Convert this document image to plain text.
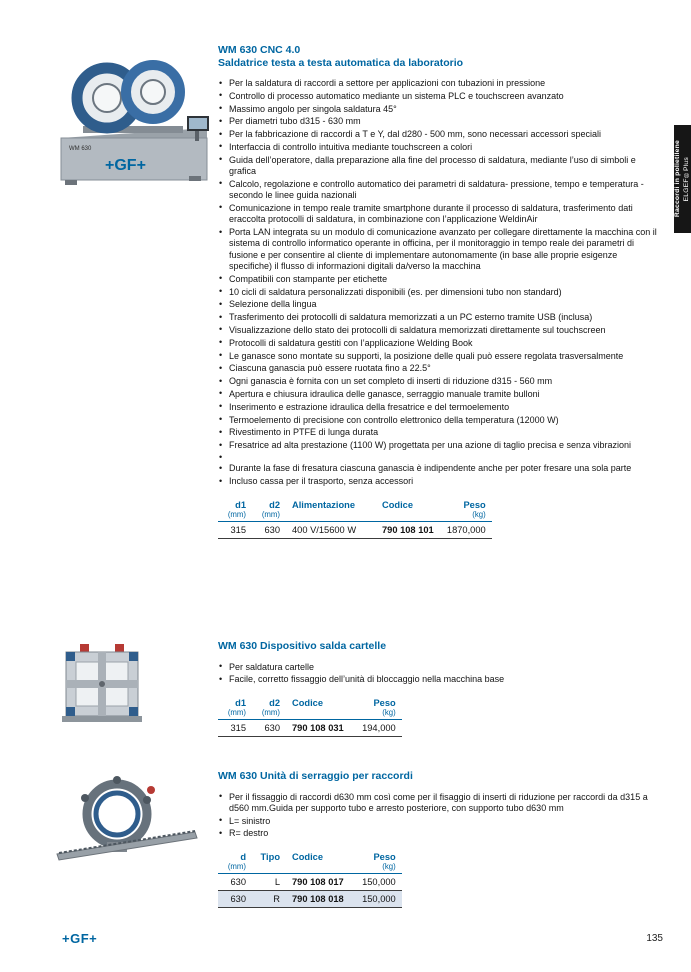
WM 630
+GF+
WM 630 CNC 4.0
Saldatrice testa a testa automatica da laboratorio
• Per la saldatura di raccordi a settore per applicazioni con tubazioni in pressione
• Controllo di processo automatico mediante un sistema PLC e touchscreen avanzato
• Massimo angolo per singola saldatura 45°
• Per diametri tubo d315 - 630 mm
• Per la fabbricazione di raccordi a T e Y, dal d280 - 500 mm, sono necessari accessori speciali
• Interfaccia di controllo intuitiva mediante touchscreen a colori
• Guida dell’operatore, dalla preparazione alla fine del processo di saldatura, mediante l’uso di simboli e grafica
• Calcolo, regolazione e controllo automatico dei parametri di saldatura- pressione, tempo e temperatura - secondo le linee guida nazionali
• Comunicazione in tempo reale tramite smartphone durante il processo di saldatura, trasferimento dati eraccolta protocolli di saldatura, in combinazione con l’applicazione WeldinAir
• Porta LAN integrata su un modulo di comunicazione avanzato per collegare direttamente la macchina con il sistema di controllo informatico operante in officina, per il monitoraggio in tempo reale dei parametri di fusione e per consentire al cliente di implementare autonomamente (in base alle proprie esigenze specifiche) il flusso di informazioni digitali da/verso la macchina
• Compatibili con stampante per etichette
• 10 cicli di saldatura personalizzati disponibili (es. per dimensioni tubo non standard)
• Selezione della lingua
• Trasferimento dei protocolli di saldatura memorizzati a un PC esterno tramite USB (inclusa)
• Visualizzazione dello stato dei protocolli di saldatura memorizzati direttamente sul touchscreen
• Protocolli di saldatura gestiti con l’applicazione Welding Book
• Le ganasce sono montate su supporti, la posizione delle quali può essere regolata trasversalmente
• Ciascuna ganascia può essere ruotata fino a 22.5°
• Ogni ganascia è fornita con un set completo di inserti di riduzione d315 - 560 mm
• Apertura e chiusura idraulica delle ganasce, serraggio manuale tramite bulloni
• Inserimento e estrazione idraulica della fresatrice e del termoelemento
• Termoelemento di precisione con controllo elettronico della temperatura (12000 W)
• Rivestimento in PTFE di lunga durata
• Fresatrice ad alta prestazione (1100 W) progettata per una azione di taglio precisa e senza vibrazioni
•
• Durante la fase di fresatura ciascuna ganascia è indipendente anche per poter fresare una sola parte
• Incluso cassa per il trasporto, senza accessori
d1	d2	Alimentazione	Codice	Peso
(mm)	(mm)			(kg)
315	630	400 V/15600 W	790 108 101	1870,000
WM 630 Dispositivo salda cartelle
• Per saldatura cartelle
• Facile, corretto fissaggio dell’unità di bloccaggio nella macchina base
d1	d2	Codice	Peso
(mm)	(mm)		(kg)
315	630	790 108 031	194,000
WM 630 Unità di serraggio per raccordi
• Per il fissaggio di raccordi d630 mm così come per il fisaggio di inserti di riduzione per raccordi da d315 a d560 mm.Guida per supporto tubo e arresto posteriore, con supporto tubo d630 mm
• L= sinistro
• R= destro
d	Tipo	Codice	Peso
(mm)			(kg)
630	L	790 108 017	150,000
630	R	790 108 018	150,000
Raccordi in polietilene ELGEF®Plus
+GF+	135
